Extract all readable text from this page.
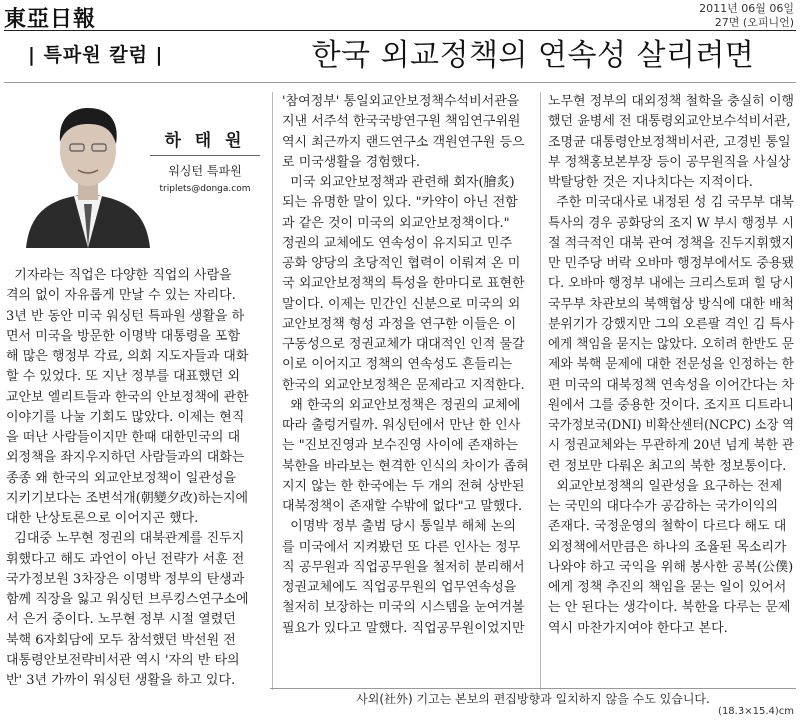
東亞日報	2011년 06월 06일
27면 (오피니언)
| 특파원 칼럼 |	한국 외교정책의 연속성 살리려면
하 태 원
워싱턴 특파원
triplets@donga.com
기자라는 직업은 다양한 직업의 사람을
격의 없이 자유롭게 만날 수 있는 자리다.
3년 반 동안 미국 워싱턴 특파원 생활을 하
면서 미국을 방문한 이명박 대통령을 포함
해 많은 행정부 각료, 의회 지도자들과 대화
할 수 있었다. 또 지난 정부를 대표했던 외
교안보 엘리트들과 한국의 안보정책에 관한
이야기를 나눌 기회도 많았다. 이제는 현직
을 떠난 사람들이지만 한때 대한민국의 대
외정책을 좌지우지하던 사람들과의 대화는
종종 왜 한국의 외교안보정책이 일관성을
지키기보다는 조변석개(朝變夕改)하는지에
대한 난상토론으로 이어지곤 했다.
김대중 노무현 정권의 대북관계를 진두지
휘했다고 해도 과언이 아닌 전략가 서훈 전
국가정보원 3차장은 이명박 정부의 탄생과
함께 직장을 잃고 워싱턴 브루킹스연구소에
서 은거 중이다. 노무현 정부 시절 열렸던
북핵 6자회담에 모두 참석했던 박선원 전
대통령안보전략비서관 역시 '자의 반 타의
반' 3년 가까이 워싱턴 생활을 하고 있다.
'참여정부' 통일외교안보정책수석비서관을
지낸 서주석 한국국방연구원 책임연구위원
역시 최근까지 랜드연구소 객원연구원 등으
로 미국생활을 경험했다.
미국 외교안보정책과 관련해 회자(膾炙)
되는 유명한 말이 있다. "카약이 아닌 전함
과 같은 것이 미국의 외교안보정책이다."
정권의 교체에도 연속성이 유지되고 민주
공화 양당의 초당적인 협력이 이뤄져 온 미
국 외교안보정책의 특성을 한마디로 표현한
말이다. 이제는 민간인 신분으로 미국의 외
교안보정책 형성 과정을 연구한 이들은 이
구동성으로 정권교체가 대대적인 인적 물갈
이로 이어지고 정책의 연속성도 흔들리는
한국의 외교안보정책은 문제라고 지적한다.
왜 한국의 외교안보정책은 정권의 교체에
따라 출렁거릴까. 워싱턴에서 만난 한 인사
는 "진보진영과 보수진영 사이에 존재하는
북한을 바라보는 현격한 인식의 차이가 좁혀
지지 않는 한 한국에는 두 개의 전혀 상반된
대북정책이 존재할 수밖에 없다"고 말했다.
이명박 정부 출범 당시 통일부 해체 논의
를 미국에서 지켜봤던 또 다른 인사는 정무
직 공무원과 직업공무원을 철저히 분리해서
정권교체에도 직업공무원의 업무연속성을
철저히 보장하는 미국의 시스템을 눈여겨볼
필요가 있다고 말했다. 직업공무원이었지만
노무현 정부의 대외정책 철학을 충실히 이행
했던 윤병세 전 대통령외교안보수석비서관,
조명균 대통령안보정책비서관, 고경빈 통일
부 정책홍보본부장 등이 공무원직을 사실상
박탈당한 것은 지나치다는 지적이다.
주한 미국대사로 내정된 성 김 국무부 대북
특사의 경우 공화당의 조지 W 부시 행정부 시
절 적극적인 대북 관여 정책을 진두지휘했지
만 민주당 버락 오바마 행정부에서도 중용됐
다. 오바마 행정부 내에는 크리스토퍼 힐 당시
국무부 차관보의 북핵협상 방식에 대한 배척
분위기가 강했지만 그의 오른팔 격인 김 특사
에게 책임을 묻지는 않았다. 오히려 한반도 문
제와 북핵 문제에 대한 전문성을 인정하는 한
편 미국의 대북정책 연속성을 이어간다는 차
원에서 그를 중용한 것이다. 조지프 디트라니
국가정보국(DNI) 비확산센터(NCPC) 소장 역
시 정권교체와는 무관하게 20년 넘게 북한 관
련 정보만 다뤄온 최고의 북한 정보통이다.
외교안보정책의 일관성을 요구하는 전제
는 국민의 대다수가 공감하는 국가이익의
존재다. 국정운영의 철학이 다르다 해도 대
외정책에서만큼은 하나의 조율된 목소리가
나와야 하고 국익을 위해 봉사한 공복(公僕)
에게 정책 추진의 책임을 묻는 일이 있어서
는 안 된다는 생각이다. 북한을 다루는 문제
역시 마찬가지여야 한다고 본다.
사외(社外) 기고는 본보의 편집방향과 일치하지 않을 수도 있습니다.
(18.3×15.4)cm
